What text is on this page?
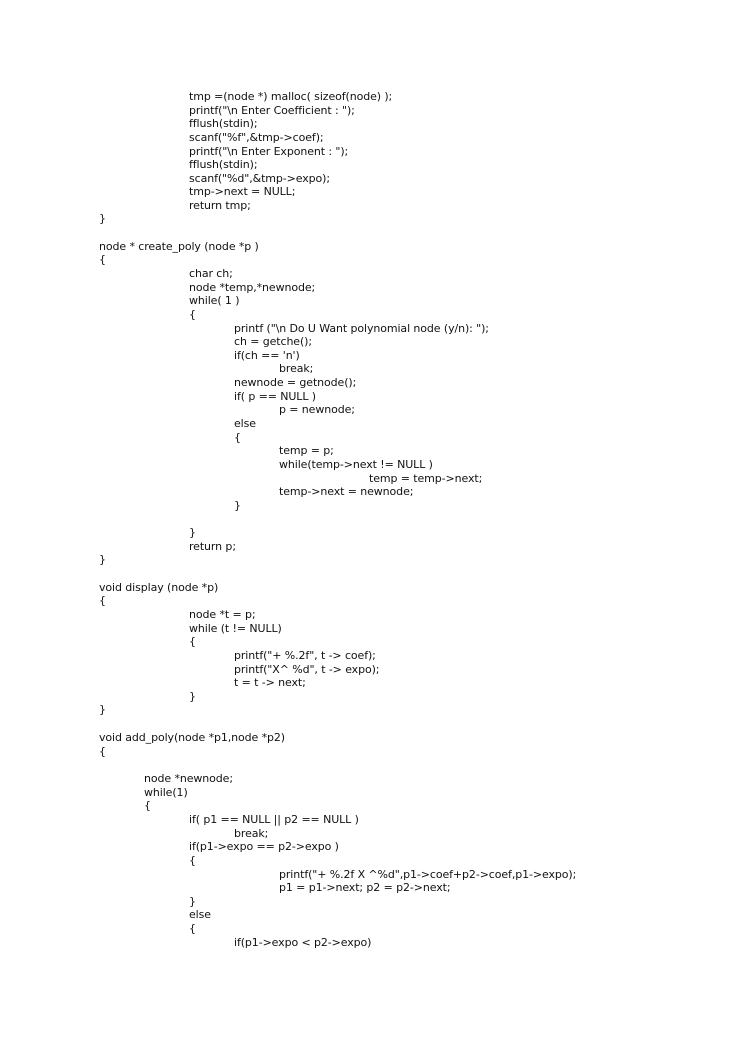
tmp =(node *) malloc( sizeof(node) );
printf("\n Enter Coefficient : ");
fflush(stdin);
scanf("%f",&tmp->coef);
printf("\n Enter Exponent : ");
fflush(stdin);
scanf("%d",&tmp->expo);
tmp->next = NULL;
return tmp;
}
node * create_poly (node *p )
{
char ch;
node *temp,*newnode;
while( 1 )
{
printf ("\n Do U Want polynomial node (y/n): ");
ch = getche();
if(ch == 'n')
break;
newnode = getnode();
if( p == NULL )
p = newnode;
else
{
temp = p;
while(temp->next != NULL )
temp = temp->next;
temp->next = newnode;
}
}
return p;
}
void display (node *p)
{
node *t = p;
while (t != NULL)
{
printf("+ %.2f", t -> coef);
printf("X^ %d", t -> expo);
t = t -> next;
}
}
void add_poly(node *p1,node *p2)
{
node *newnode;
while(1)
{
if( p1 == NULL || p2 == NULL )
break;
if(p1->expo == p2->expo )
{
printf("+ %.2f X ^%d",p1->coef+p2->coef,p1->expo);
p1 = p1->next; p2 = p2->next;
}
else
{
if(p1->expo < p2->expo)
